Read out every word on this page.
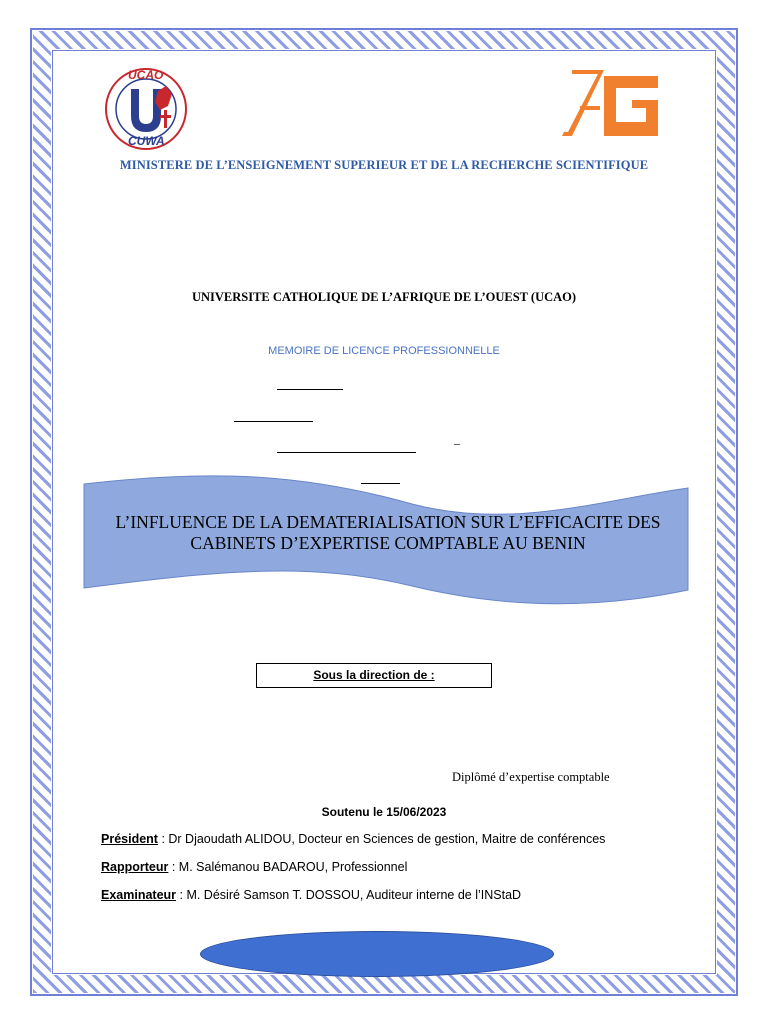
UCAO
CUWA
MINISTERE DE L’ENSEIGNEMENT SUPERIEUR ET DE LA RECHERCHE SCIENTIFIQUE
UNIVERSITE CATHOLIQUE DE L’AFRIQUE DE L’OUEST (UCAO)
MEMOIRE DE LICENCE PROFESSIONNELLE
–
L’INFLUENCE DE LA DEMATERIALISATION SUR L’EFFICACITE DES CABINETS D’EXPERTISE COMPTABLE AU BENIN
Sous la direction de :
Diplômé d’expertise comptable
Soutenu le 15/06/2023
Président : Dr Djaoudath ALIDOU, Docteur en Sciences de gestion, Maitre de conférences
Rapporteur : M. Salémanou BADAROU, Professionnel
Examinateur : M. Désiré Samson T. DOSSOU, Auditeur interne de l’INStaD
